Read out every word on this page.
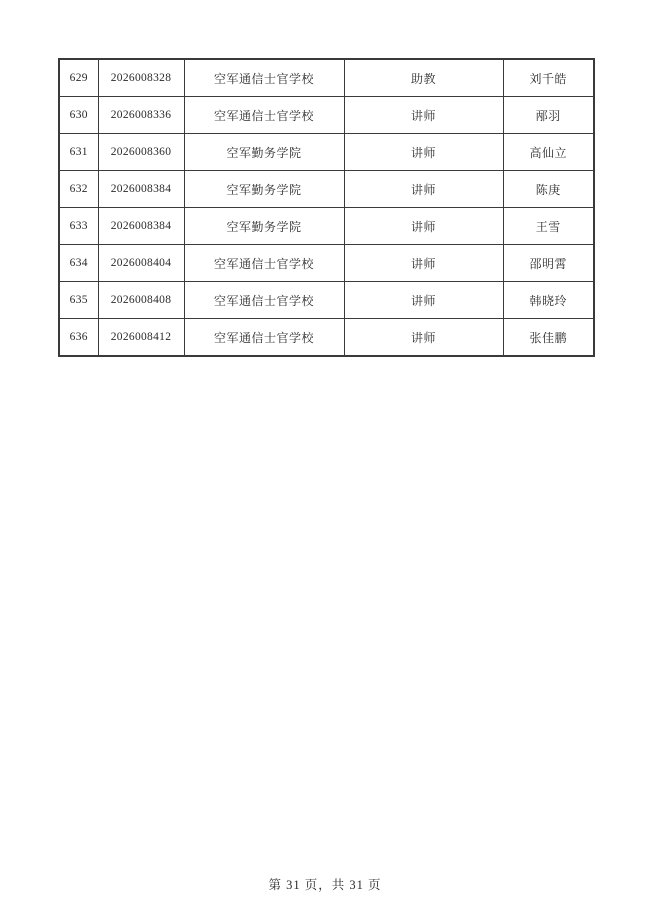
629	2026008328	空军通信士官学校	助教	刘千皓
630	2026008336	空军通信士官学校	讲师	邴羽
631	2026008360	空军勤务学院	讲师	高仙立
632	2026008384	空军勤务学院	讲师	陈庚
633	2026008384	空军勤务学院	讲师	王雪
634	2026008404	空军通信士官学校	讲师	邵明霄
635	2026008408	空军通信士官学校	讲师	韩晓玲
636	2026008412	空军通信士官学校	讲师	张佳鹏
第 31 页，共 31 页
